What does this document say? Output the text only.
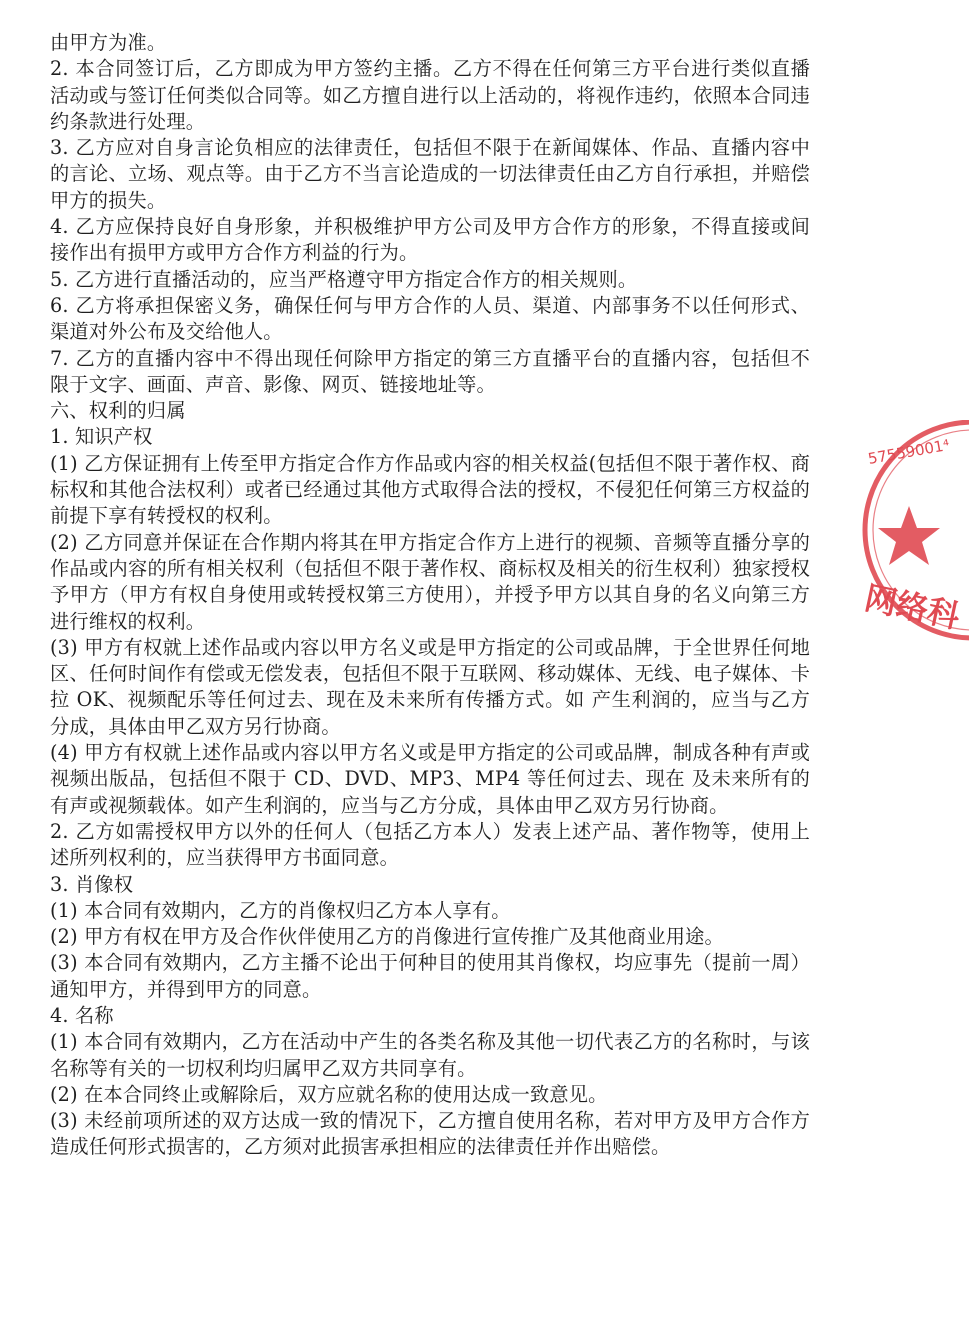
由甲方为准。

2. 本合同签订后，乙方即成为甲方签约主播。乙方不得在任何第三方平台进行类似直播活动或与签订任何类似合同等。如乙方擅自进行以上活动的，将视作违约，依照本合同违约条款进行处理。

3. 乙方应对自身言论负相应的法律责任，包括但不限于在新闻媒体、作品、直播内容中的言论、立场、观点等。由于乙方不当言论造成的一切法律责任由乙方自行承担，并赔偿甲方的损失。

4. 乙方应保持良好自身形象，并积极维护甲方公司及甲方合作方的形象，不得直接或间接作出有损甲方或甲方合作方利益的行为。

5. 乙方进行直播活动的，应当严格遵守甲方指定合作方的相关规则。

6. 乙方将承担保密义务，确保任何与甲方合作的人员、渠道、内部事务不以任何形式、渠道对外公布及交给他人。

7. 乙方的直播内容中不得出现任何除甲方指定的第三方直播平台的直播内容，包括但不限于文字、画面、声音、影像、网页、链接地址等。

六、权利的归属

1. 知识产权

(1) 乙方保证拥有上传至甲方指定合作方作品或内容的相关权益(包括但不限于著作权、商标权和其他合法权利）或者已经通过其他方式取得合法的授权，不侵犯任何第三方权益的前提下享有转授权的权利。

(2) 乙方同意并保证在合作期内将其在甲方指定合作方上进行的视频、音频等直播分享的作品或内容的所有相关权利（包括但不限于著作权、商标权及相关的衍生权利）独家授权予甲方（甲方有权自身使用或转授权第三方使用），并授予甲方以其自身的名义向第三方进行维权的权利。

(3) 甲方有权就上述作品或内容以甲方名义或是甲方指定的公司或品牌，于全世界任何地区、任何时间作有偿或无偿发表，包括但不限于互联网、移动媒体、无线、电子媒体、卡拉 OK、视频配乐等任何过去、现在及未来所有传播方式。如 产生利润的，应当与乙方分成，具体由甲乙双方另行协商。

(4) 甲方有权就上述作品或内容以甲方名义或是甲方指定的公司或品牌，制成各种有声或视频出版品，包括但不限于 CD、DVD、MP3、MP4 等任何过去、现在 及未来所有的有声或视频载体。如产生利润的，应当与乙方分成，具体由甲乙双方另行协商。

2. 乙方如需授权甲方以外的任何人（包括乙方本人）发表上述产品、著作物等，使用上述所列权利的，应当获得甲方书面同意。

3. 肖像权

(1) 本合同有效期内，乙方的肖像权归乙方本人享有。

(2) 甲方有权在甲方及合作伙伴使用乙方的肖像进行宣传推广及其他商业用途。

(3) 本合同有效期内，乙方主播不论出于何种目的使用其肖像权，均应事先（提前一周）通知甲方，并得到甲方的同意。

4. 名称

(1) 本合同有效期内，乙方在活动中产生的各类名称及其他一切代表乙方的名称时，与该名称等有关的一切权利均归属甲乙双方共同享有。

(2) 在本合同终止或解除后，双方应就名称的使用达成一致意见。

(3) 未经前项所述的双方达成一致的情况下，乙方擅自使用名称，若对甲方及甲方合作方造成任何形式损害的，乙方须对此损害承担相应的法律责任并作出赔偿。

57559001⁴
网络科
